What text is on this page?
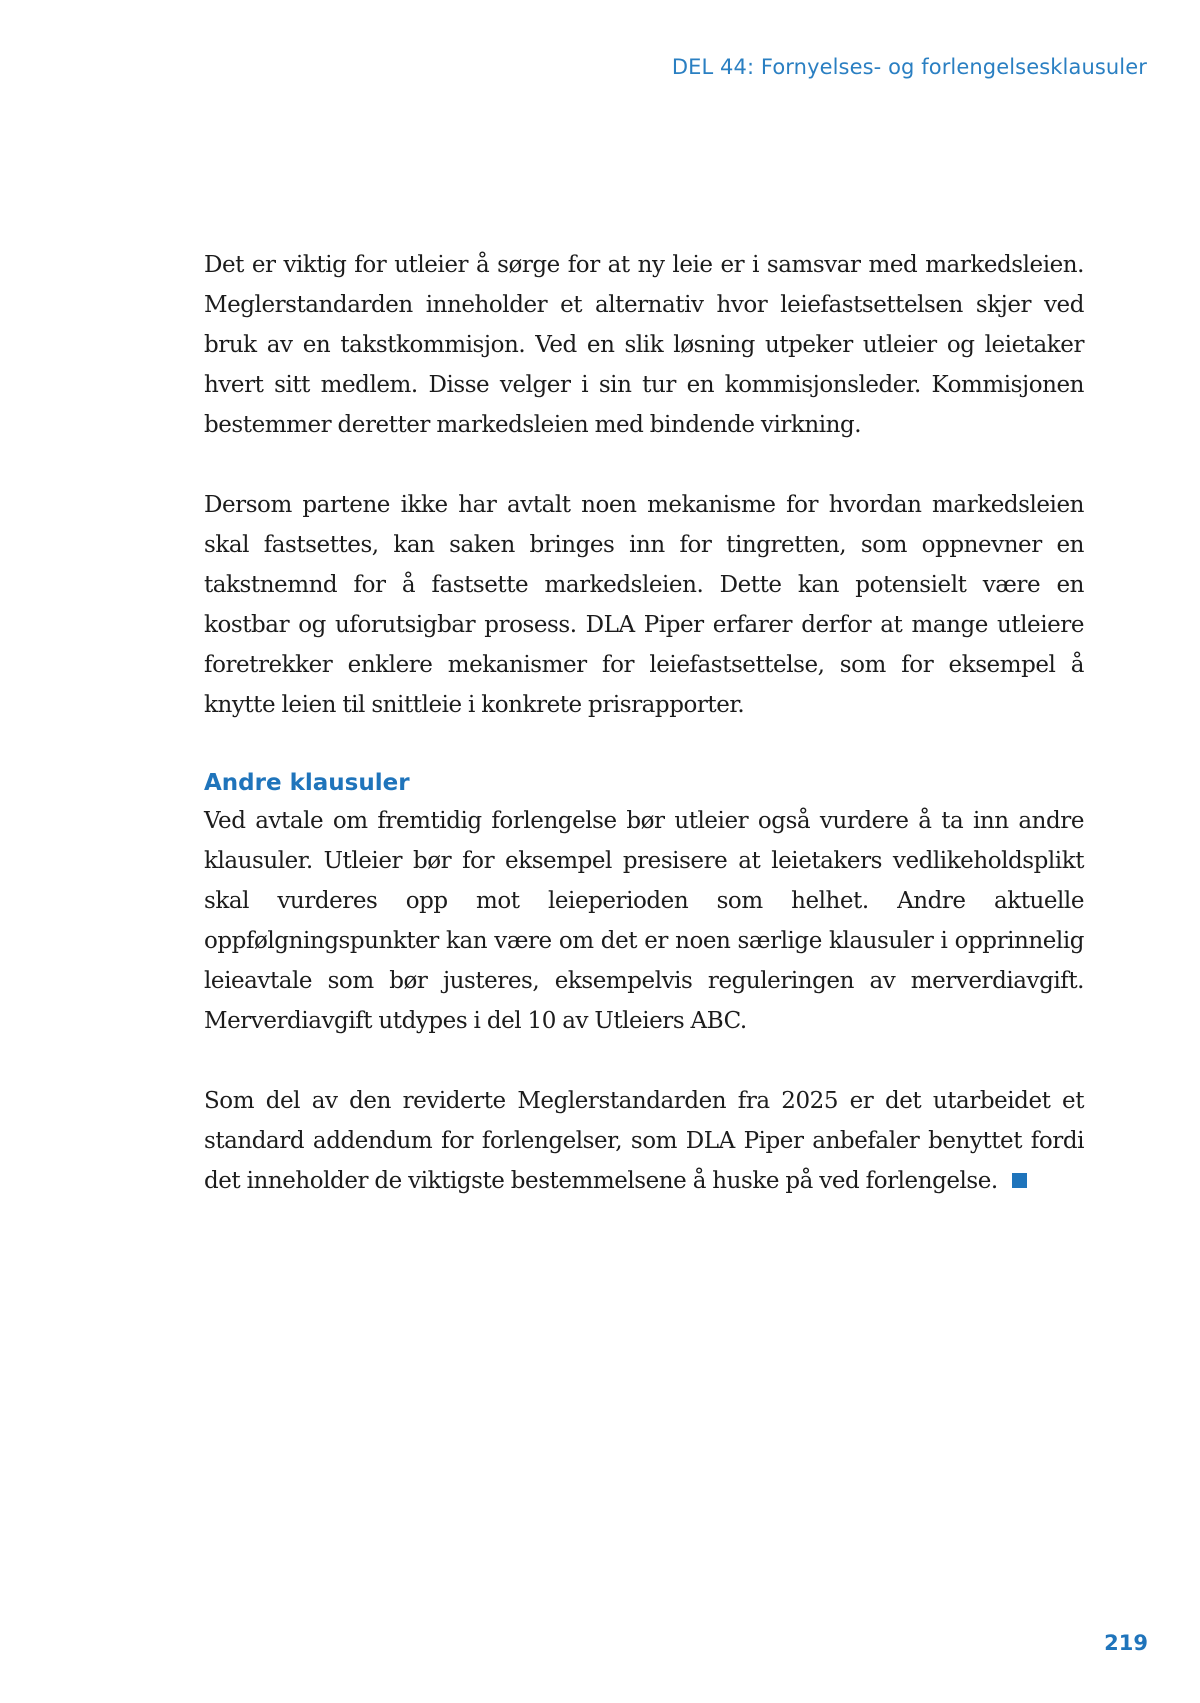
DEL 44: Fornyelses- og forlengelsesklausuler

Det er viktig for utleier å sørge for at ny leie er i samsvar med markedsleien. Meglerstandarden inneholder et alternativ hvor leiefastsettelsen skjer ved bruk av en takstkommisjon. Ved en slik løsning utpeker utleier og leietaker hvert sitt medlem. Disse velger i sin tur en kommisjonsleder. Kommisjonen bestemmer deretter markedsleien med bindende virkning.

Dersom partene ikke har avtalt noen mekanisme for hvordan markedsleien skal fastsettes, kan saken bringes inn for tingretten, som oppnevner en takstnemnd for å fastsette markedsleien. Dette kan potensielt være en kostbar og uforutsigbar prosess. DLA Piper erfarer derfor at mange utleiere foretrekker enklere mekanismer for leiefastsettelse, som for eksempel å knytte leien til snittleie i konkrete prisrapporter.

Andre klausuler

Ved avtale om fremtidig forlengelse bør utleier også vurdere å ta inn andre klausuler. Utleier bør for eksempel presisere at leietakers vedlikeholdsplikt skal vurderes opp mot leieperioden som helhet. Andre aktuelle oppfølgningspunkter kan være om det er noen særlige klausuler i opprinnelig leieavtale som bør justeres, eksempelvis reguleringen av merverdiavgift. Merverdiavgift utdypes i del 10 av Utleiers ABC.

Som del av den reviderte Meglerstandarden fra 2025 er det utarbeidet et standard addendum for forlengelser, som DLA Piper anbefaler benyttet fordi det inneholder de viktigste bestemmelsene å huske på ved forlengelse.

219
